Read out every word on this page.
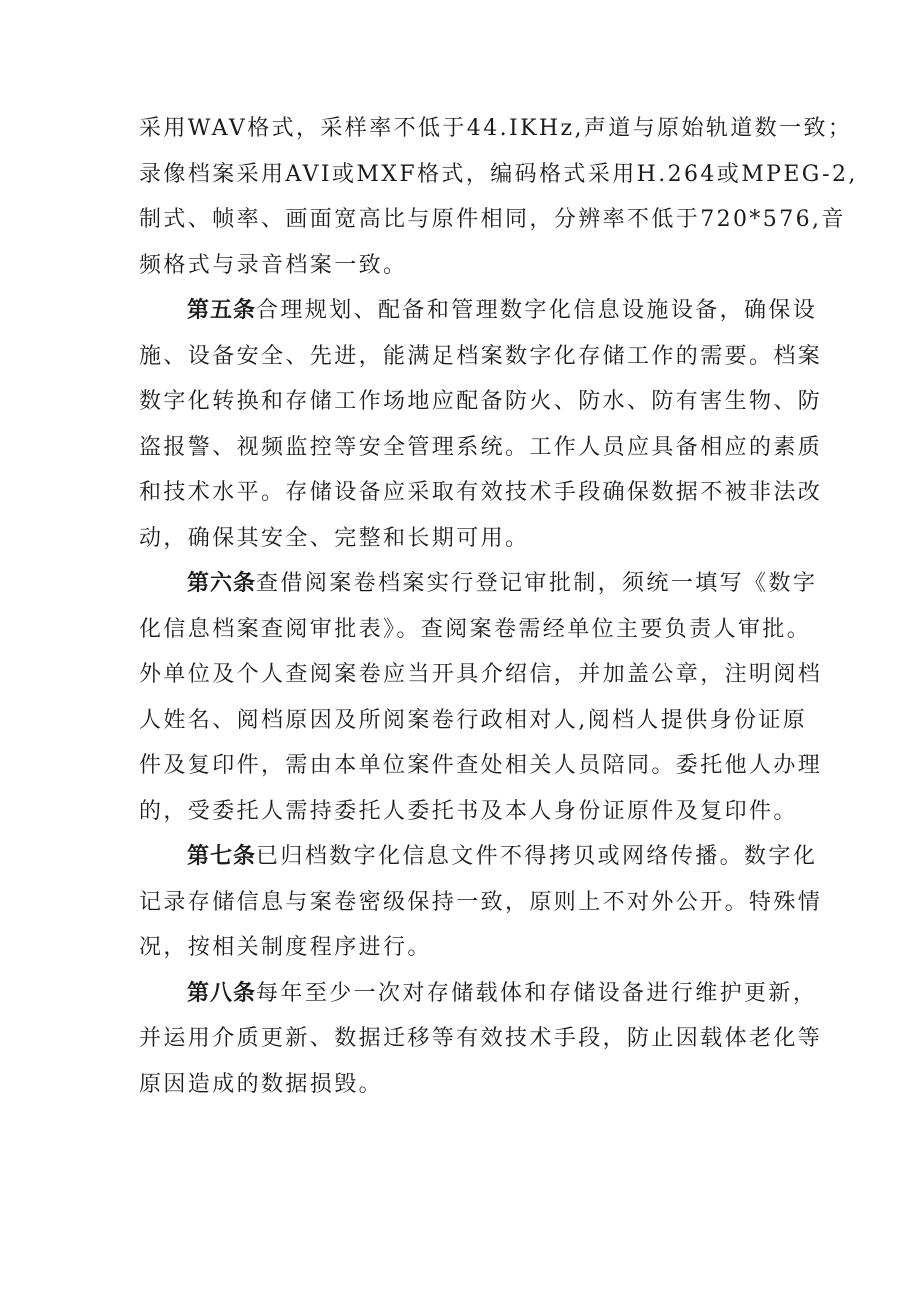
采用WAV格式，采样率不低于44.IKHz,声道与原始轨道数一致；
录像档案采用AVI或MXF格式，编码格式采用H.264或MPEG-2,
制式、帧率、画面宽高比与原件相同，分辨率不低于720*576,音
频格式与录音档案一致。

第五条合理规划、配备和管理数字化信息设施设备，确保设
施、设备安全、先进，能满足档案数字化存储工作的需要。档案
数字化转换和存储工作场地应配备防火、防水、防有害生物、防
盗报警、视频监控等安全管理系统。工作人员应具备相应的素质
和技术水平。存储设备应采取有效技术手段确保数据不被非法改
动，确保其安全、完整和长期可用。

第六条查借阅案卷档案实行登记审批制，须统一填写《数字
化信息档案查阅审批表》。查阅案卷需经单位主要负责人审批。
外单位及个人查阅案卷应当开具介绍信，并加盖公章，注明阅档
人姓名、阅档原因及所阅案卷行政相对人,阅档人提供身份证原
件及复印件，需由本单位案件查处相关人员陪同。委托他人办理
的，受委托人需持委托人委托书及本人身份证原件及复印件。

第七条已归档数字化信息文件不得拷贝或网络传播。数字化
记录存储信息与案卷密级保持一致，原则上不对外公开。特殊情
况，按相关制度程序进行。

第八条每年至少一次对存储载体和存储设备进行维护更新，
并运用介质更新、数据迁移等有效技术手段，防止因载体老化等
原因造成的数据损毁。
